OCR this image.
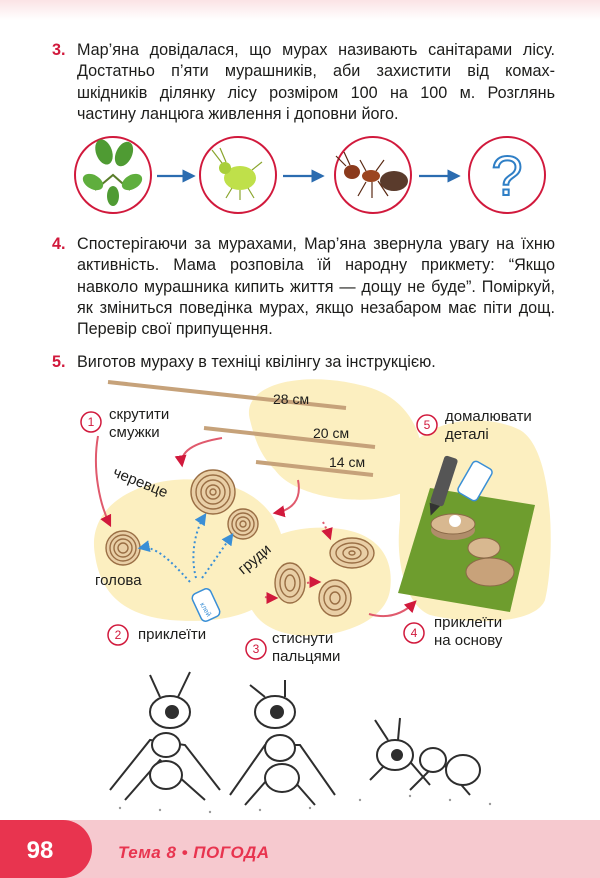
3. Мар’яна довідалася, що мурах називають санітарами лісу. Достатньо п’яти мурашників, аби захистити від комах-шкідників ділянку лісу розміром 100 на 100 м. Розглянь частину ланцюга живлення і доповни його.
?
4. Спостерігаючи за мурахами, Мар’яна звернула увагу на їхню активність. Мама розповіла їй народну прикмету: “Якщо навколо мурашника кипить життя — дощу не буде”. Поміркуй, як зміниться поведінка мурах, якщо незабаром має піти дощ. Перевір свої припущення.
5. Виготов мураху в техніці квілінгу за інструкцією.
28 см
20 см
14 см
клей
1
2
3
4
5
черевце
голова
груди
скрутити
смужки
приклеїти	стиснути
пальцями
приклеїти
на основу
домалювати
деталі
98	Тема 8 • ПОГОДА
